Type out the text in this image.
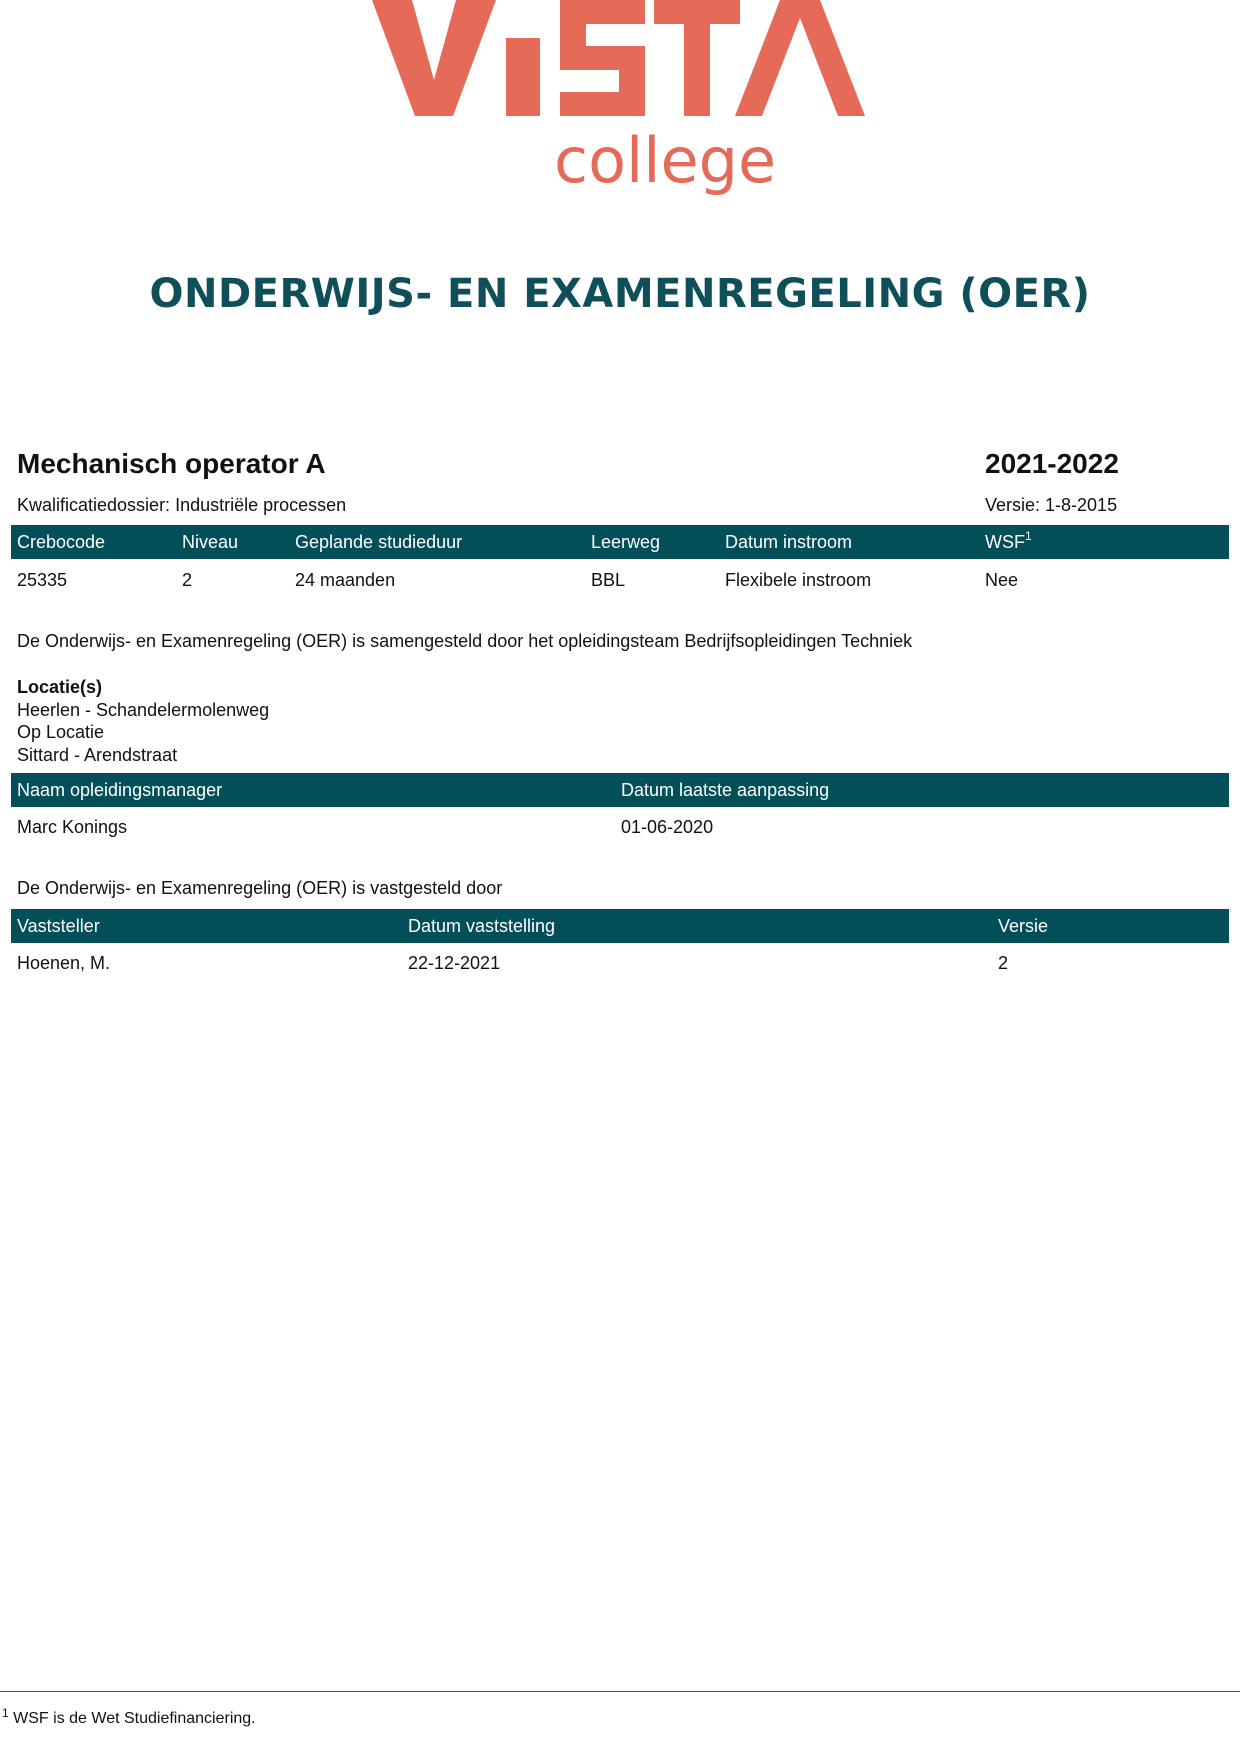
college
ONDERWIJS- EN EXAMENREGELING (OER)
Mechanisch operator A	2021-2022
Kwalificatiedossier: Industriële processen	Versie: 1-8-2015
Crebocode	Niveau	Geplande studieduur	Leerweg	Datum instroom	WSF$^1$
25335	2	24 maanden	BBL	Flexibele instroom	Nee
De Onderwijs- en Examenregeling (OER) is samengesteld door het opleidingsteam Bedrijfsopleidingen Techniek
Locatie(s)
Heerlen - Schandelermolenweg
Op Locatie
Sittard - Arendstraat
Naam opleidingsmanager	Datum laatste aanpassing
Marc Konings	01-06-2020
De Onderwijs- en Examenregeling (OER) is vastgesteld door
Vaststeller	Datum vaststelling	Versie
Hoenen, M.	22-12-2021	2
$^1$ WSF is de Wet Studiefinanciering.
